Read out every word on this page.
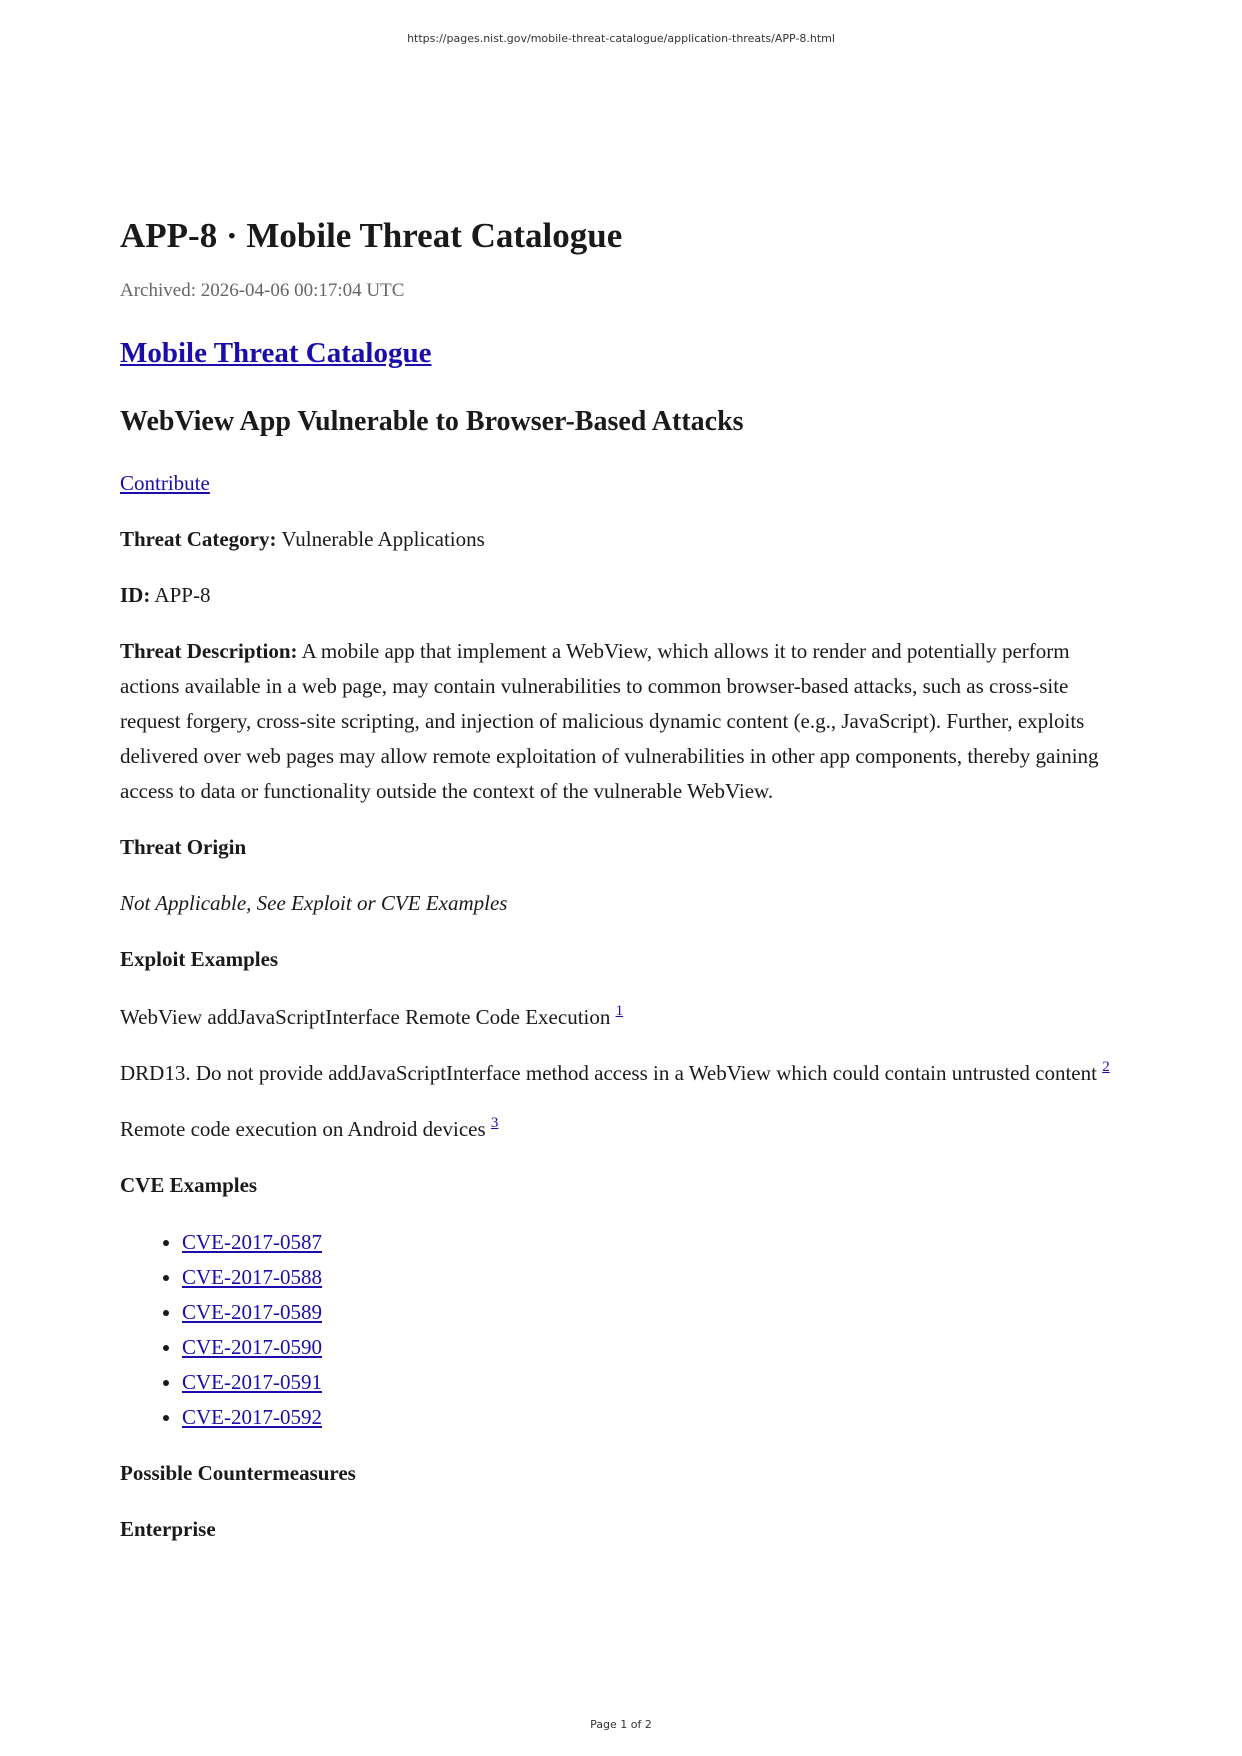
https://pages.nist.gov/mobile-threat-catalogue/application-threats/APP-8.html
APP-8 · Mobile Threat Catalogue
Archived: 2026-04-06 00:17:04 UTC
Mobile Threat Catalogue
WebView App Vulnerable to Browser-Based Attacks

Contribute

Threat Category: Vulnerable Applications

ID: APP-8

Threat Description: A mobile app that implement a WebView, which allows it to render and potentially perform actions available in a web page, may contain vulnerabilities to common browser-based attacks, such as cross-site request forgery, cross-site scripting, and injection of malicious dynamic content (e.g., JavaScript). Further, exploits delivered over web pages may allow remote exploitation of vulnerabilities in other app components, thereby gaining access to data or functionality outside the context of the vulnerable WebView.

Threat Origin

Not Applicable, See Exploit or CVE Examples

Exploit Examples

WebView addJavaScriptInterface Remote Code Execution $^1$

DRD13. Do not provide addJavaScriptInterface method access in a WebView which could contain untrusted content $^2$

Remote code execution on Android devices $^3$

CVE Examples
• CVE-2017-0587
• CVE-2017-0588
• CVE-2017-0589
• CVE-2017-0590
• CVE-2017-0591
• CVE-2017-0592
Possible Countermeasures
Enterprise
Page 1 of 2
